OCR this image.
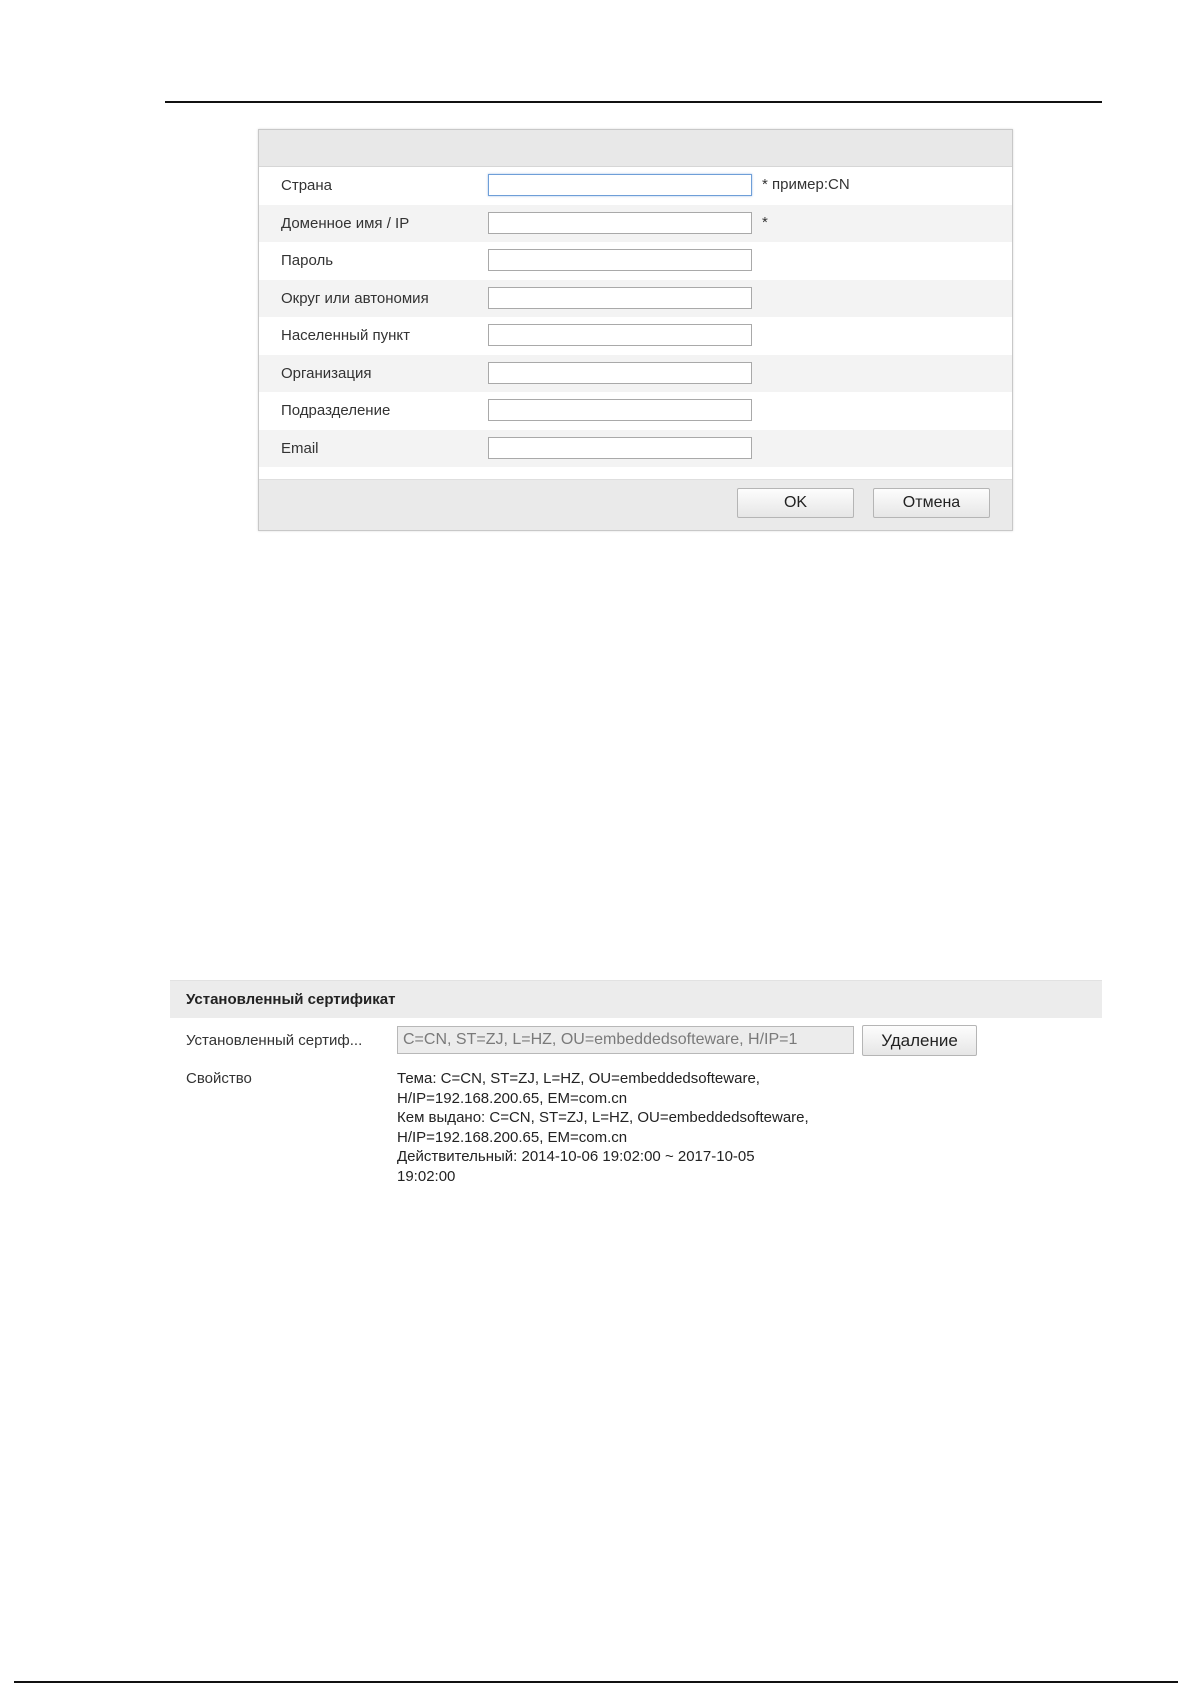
Страна	* пример:CN
Доменное имя / IP	*
Пароль
Округ или автономия
Населенный пункт
Организация
Подразделение
Email
OK	Отмена
Установленный сертификат
Установленный сертиф...	C=CN, ST=ZJ, L=HZ, OU=embeddedsofteware, H/IP=1	Удаление
Свойство	Тема: C=CN, ST=ZJ, L=HZ, OU=embeddedsofteware,
H/IP=192.168.200.65, EM=com.cn
Кем выдано: C=CN, ST=ZJ, L=HZ, OU=embeddedsofteware,
H/IP=192.168.200.65, EM=com.cn
Действительный: 2014-10-06 19:02:00 ~ 2017-10-05
19:02:00
